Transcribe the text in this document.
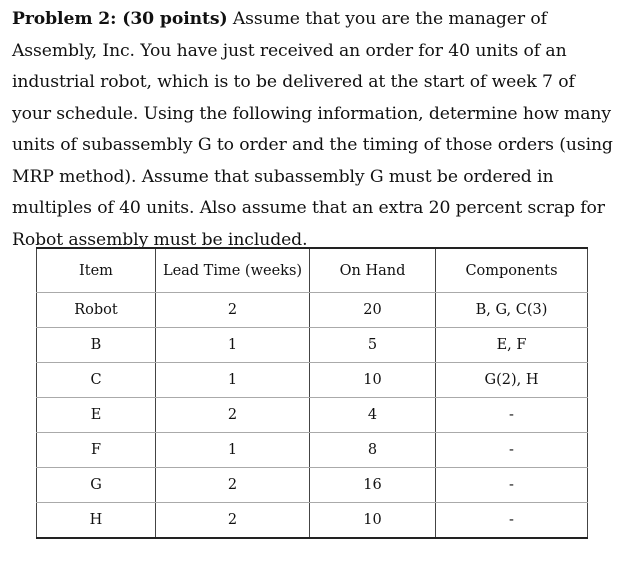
Problem 2: (30 points) Assume that you are the manager of Assembly, Inc. You have just received an order for 40 units of an industrial robot, which is to be delivered at the start of week 7 of your schedule. Using the following information, determine how many units of subassembly G to order and the timing of those orders (using MRP method). Assume that subassembly G must be ordered in multiples of 40 units. Also assume that an extra 20 percent scrap for Robot assembly must be included.
Item	Lead Time (weeks)	On Hand	Components
Robot	2	20	B, G, C(3)
B	1	5	E, F
C	1	10	G(2), H
E	2	4	-
F	1	8	-
G	2	16	-
H	2	10	-
